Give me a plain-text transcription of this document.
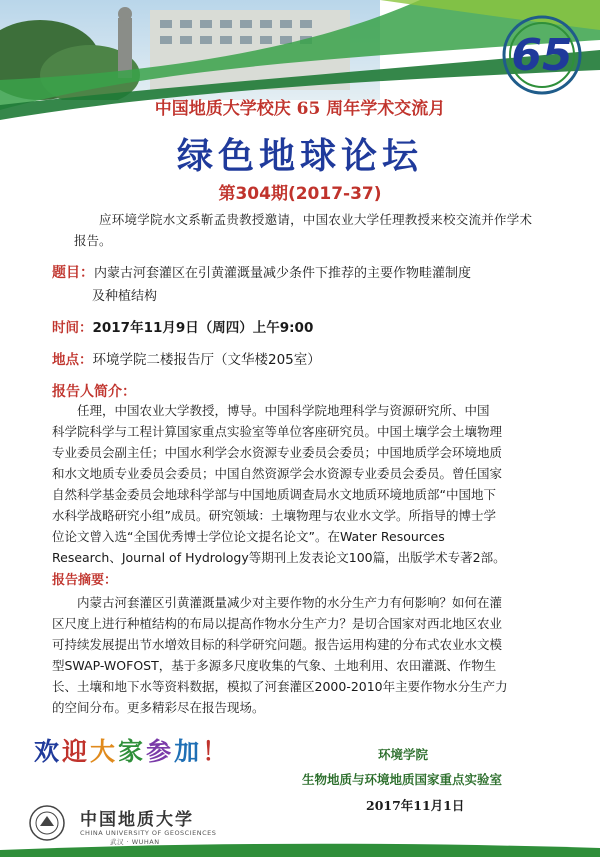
65
中国地质大学校庆 65 周年学术交流月
绿色地球论坛
第304期(2017-37)
应环境学院水文系靳孟贵教授邀请，中国农业大学任理教授来校交流并作学术报告。
题目：内蒙古河套灌区在引黄灌溉量减少条件下推荐的主要作物畦灌制度
及种植结构
时间：2017年11月9日（周四）上午9:00
地点：环境学院二楼报告厅（文华楼205室）
报告人简介：
任理，中国农业大学教授，博导。中国科学院地理科学与资源研究所、中国
科学院科学与工程计算国家重点实验室等单位客座研究员。中国土壤学会土壤物理
专业委员会副主任；中国水利学会水资源专业委员会委员；中国地质学会环境地质
和水文地质专业委员会委员；中国自然资源学会水资源专业委员会委员。曾任国家
自然科学基金委员会地球科学部与中国地质调查局水文地质环境地质部“中国地下
水科学战略研究小组”成员。研究领域：土壤物理与农业水文学。所指导的博士学
位论文曾入选“全国优秀博士学位论文提名论文”。在Water Resources
Research、Journal of Hydrology等期刊上发表论文100篇，出版学术专著2部。
报告摘要：
内蒙古河套灌区引黄灌溉量减少对主要作物的水分生产力有何影响？如何在灌
区尺度上进行种植结构的布局以提高作物水分生产力？是切合国家对西北地区农业
可持续发展提出节水增效目标的科学研究问题。报告运用构建的分布式农业水文模
型SWAP-WOFOST，基于多源多尺度收集的气象、土地利用、农田灌溉、作物生
长、土壤和地下水等资料数据，模拟了河套灌区2000-2010年主要作物水分生产力
的空间分布。更多精彩尽在报告现场。
欢迎大家参加！	环境学院
生物地质与环境地质国家重点实验室
2017年11月1日
中国地质大学
CHINA UNIVERSITY OF GEOSCIENCES
武汉 · WUHAN
